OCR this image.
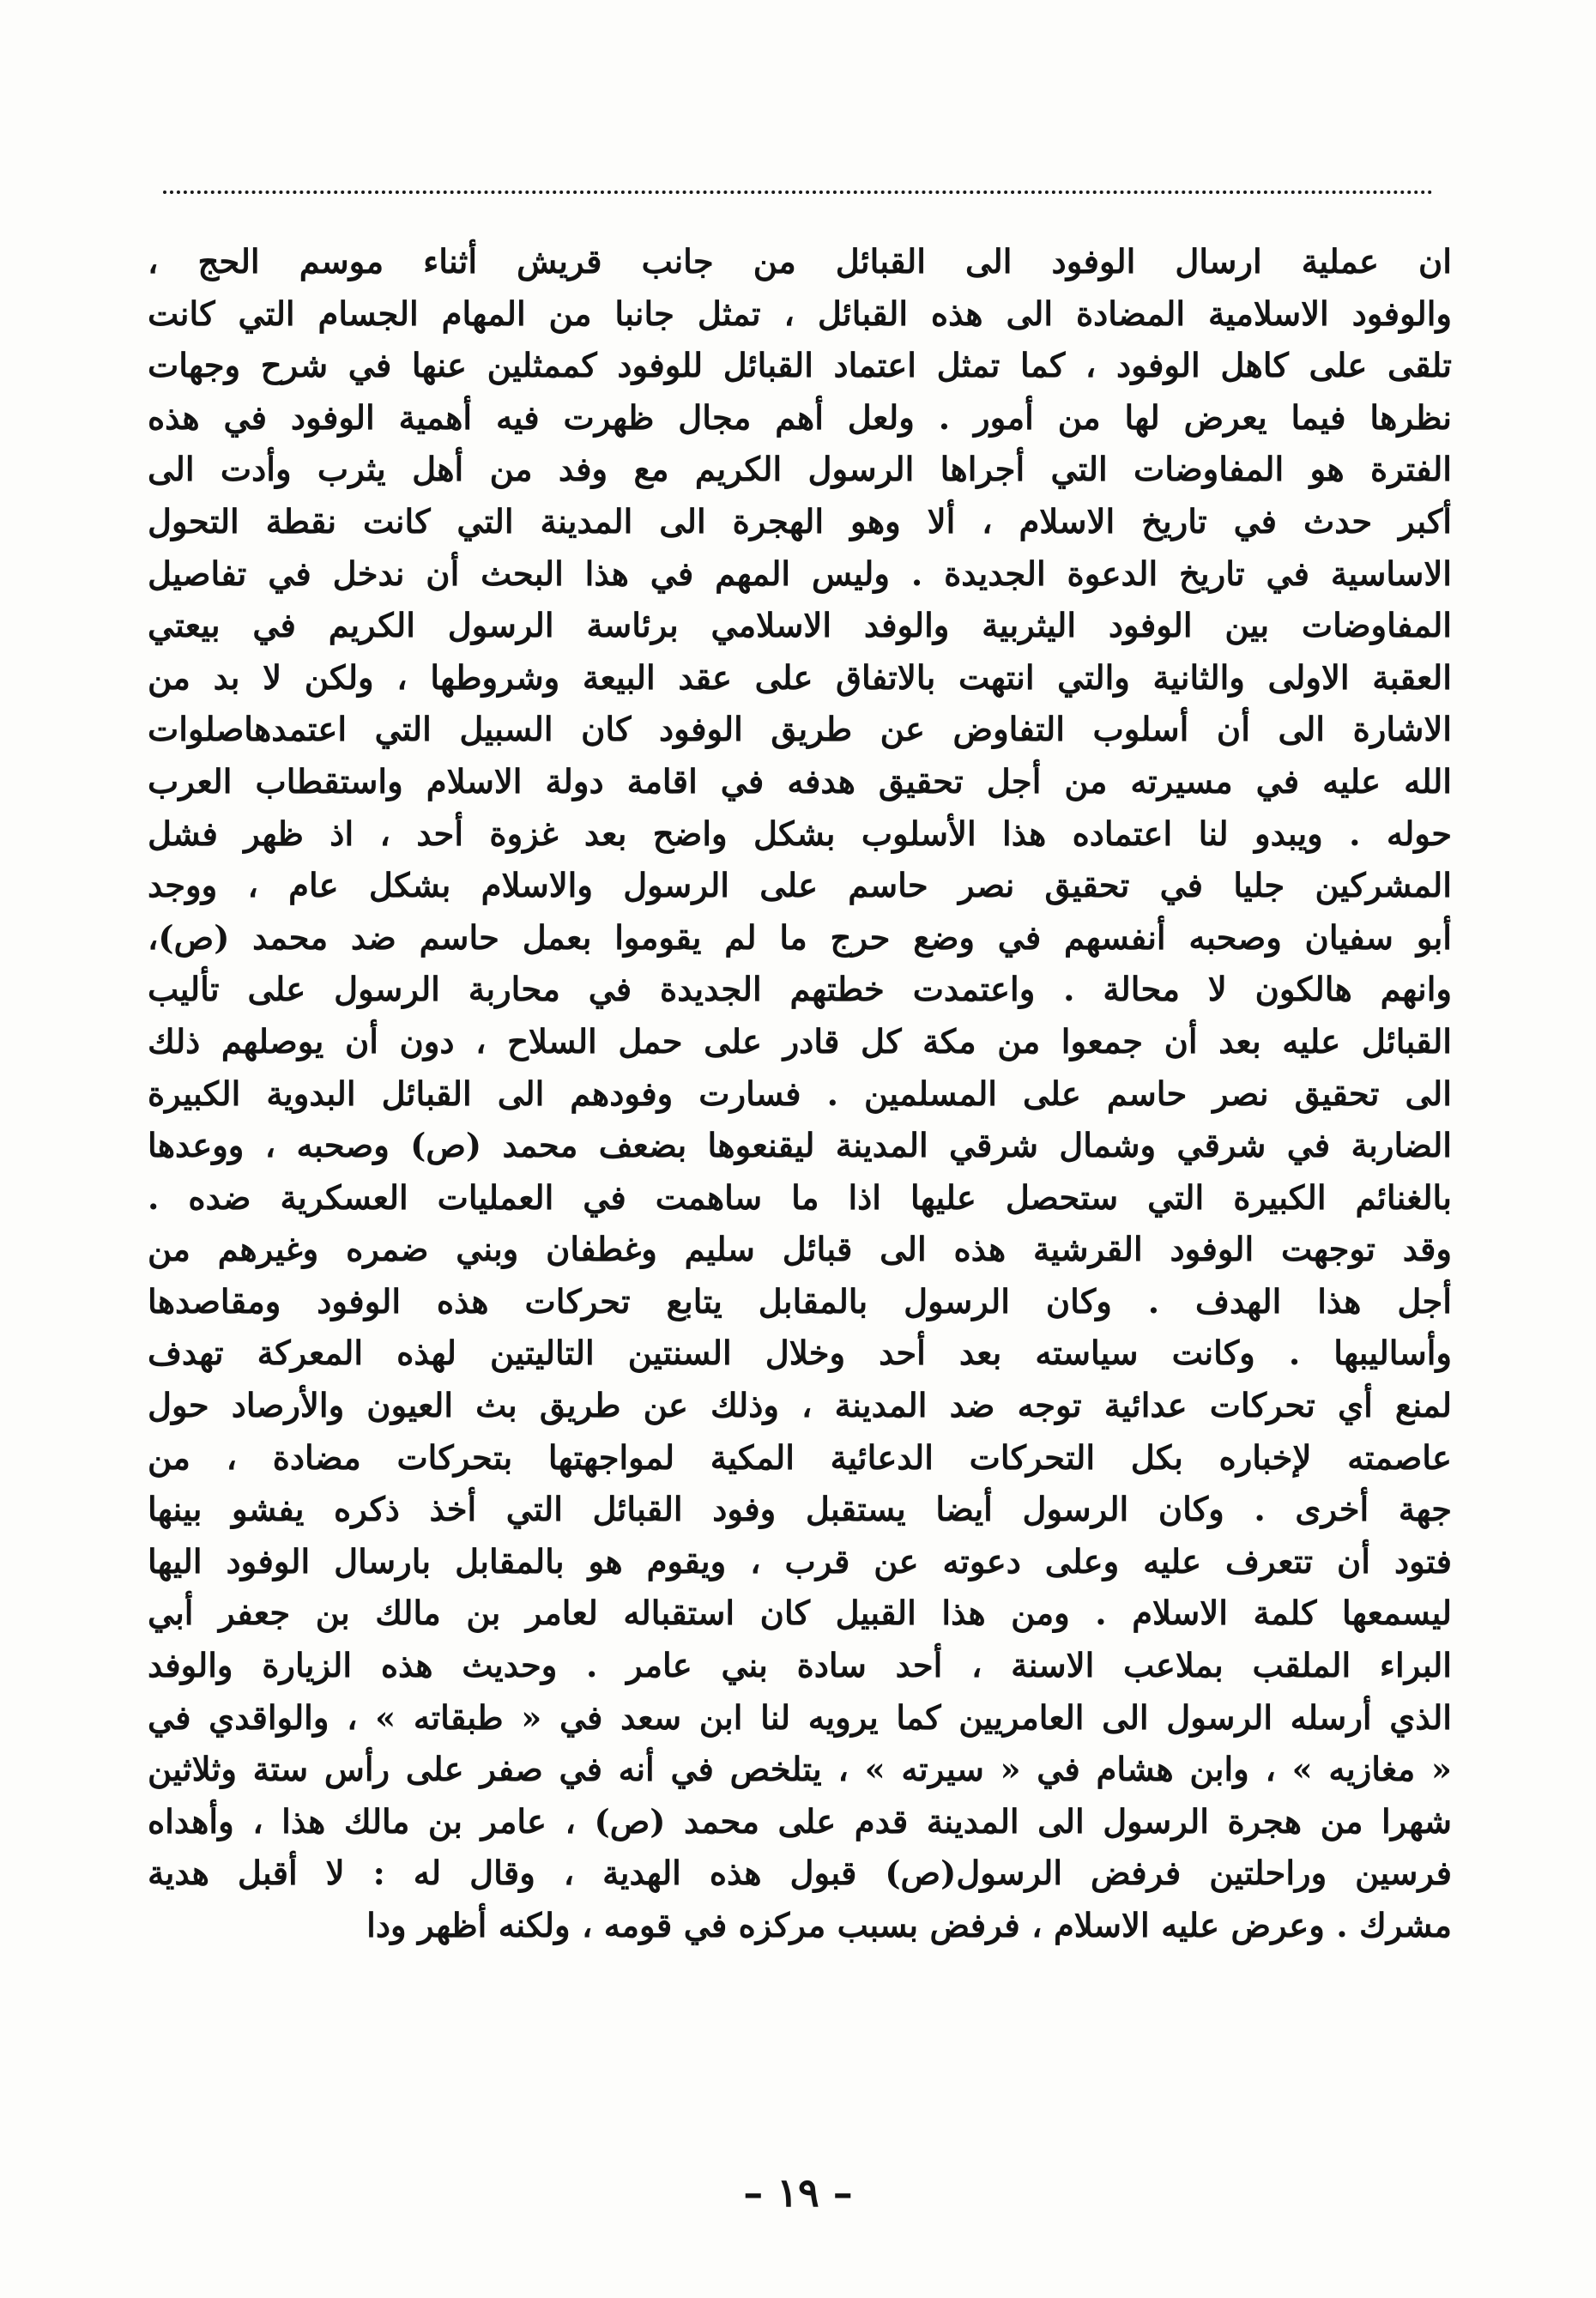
ان عملية ارسال الوفود الى القبائل من جانب قريش أثناء موسم الحج ،
والوفود الاسلامية المضادة الى هذه القبائل ، تمثل جانبا من المهام الجسام التي كانت
تلقى على كاهل الوفود ، كما تمثل اعتماد القبائل للوفود كممثلين عنها في شرح وجهات
نظرها فيما يعرض لها من أمور . ولعل أهم مجال ظهرت فيه أهمية الوفود في هذه
الفترة هو المفاوضات التي أجراها الرسول الكريم مع وفد من أهل يثرب وأدت الى
أكبر حدث في تاريخ الاسلام ، ألا وهو الهجرة الى المدينة التي كانت نقطة التحول
الاساسية في تاريخ الدعوة الجديدة . وليس المهم في هذا البحث أن ندخل في تفاصيل
المفاوضات بين الوفود اليثربية والوفد الاسلامي برئاسة الرسول الكريم في بيعتي
العقبة الاولى والثانية والتي انتهت بالاتفاق على عقد البيعة وشروطها ، ولكن لا بد من
الاشارة الى أن أسلوب التفاوض عن طريق الوفود كان السبيل التي اعتمدهاصلوات
الله عليه في مسيرته من أجل تحقيق هدفه في اقامة دولة الاسلام واستقطاب العرب
حوله . ويبدو لنا اعتماده هذا الأسلوب بشكل واضح بعد غزوة أحد ، اذ ظهر فشل
المشركين جليا في تحقيق نصر حاسم على الرسول والاسلام بشكل عام ، ووجد
أبو سفيان وصحبه أنفسهم في وضع حرج ما لم يقوموا بعمل حاسم ضد محمد (ص)،
وانهم هالكون لا محالة . واعتمدت خطتهم الجديدة في محاربة الرسول على تأليب
القبائل عليه بعد أن جمعوا من مكة كل قادر على حمل السلاح ، دون أن يوصلهم ذلك
الى تحقيق نصر حاسم على المسلمين . فسارت وفودهم الى القبائل البدوية الكبيرة
الضاربة في شرقي وشمال شرقي المدينة ليقنعوها بضعف محمد (ص) وصحبه ، ووعدها
بالغنائم الكبيرة التي ستحصل عليها اذا ما ساهمت في العمليات العسكرية ضده .
وقد توجهت الوفود القرشية هذه الى قبائل سليم وغطفان وبني ضمره وغيرهم من
أجل هذا الهدف . وكان الرسول بالمقابل يتابع تحركات هذه الوفود ومقاصدها
وأساليبها . وكانت سياسته بعد أحد وخلال السنتين التاليتين لهذه المعركة تهدف
لمنع أي تحركات عدائية توجه ضد المدينة ، وذلك عن طريق بث العيون والأرصاد حول
عاصمته لإخباره بكل التحركات الدعائية المكية لمواجهتها بتحركات مضادة ، من
جهة أخرى . وكان الرسول أيضا يستقبل وفود القبائل التي أخذ ذكره يفشو بينها
فتود أن تتعرف عليه وعلى دعوته عن قرب ، ويقوم هو بالمقابل بارسال الوفود اليها
ليسمعها كلمة الاسلام . ومن هذا القبيل كان استقباله لعامر بن مالك بن جعفر أبي
البراء الملقب بملاعب الاسنة ، أحد سادة بني عامر . وحديث هذه الزيارة والوفد
الذي أرسله الرسول الى العامريين كما يرويه لنا ابن سعد في « طبقاته » ، والواقدي في
« مغازيه » ، وابن هشام في « سيرته » ، يتلخص في أنه في صفر على رأس ستة وثلاثين
شهرا من هجرة الرسول الى المدينة قدم على محمد (ص) ، عامر بن مالك هذا ، وأهداه
فرسين وراحلتين فرفض الرسول(ص) قبول هذه الهدية ، وقال له : لا أقبل هدية
مشرك . وعرض عليه الاسلام ، فرفض بسبب مركزه في قومه ، ولكنه أظهر ودا
– ١٩ –
